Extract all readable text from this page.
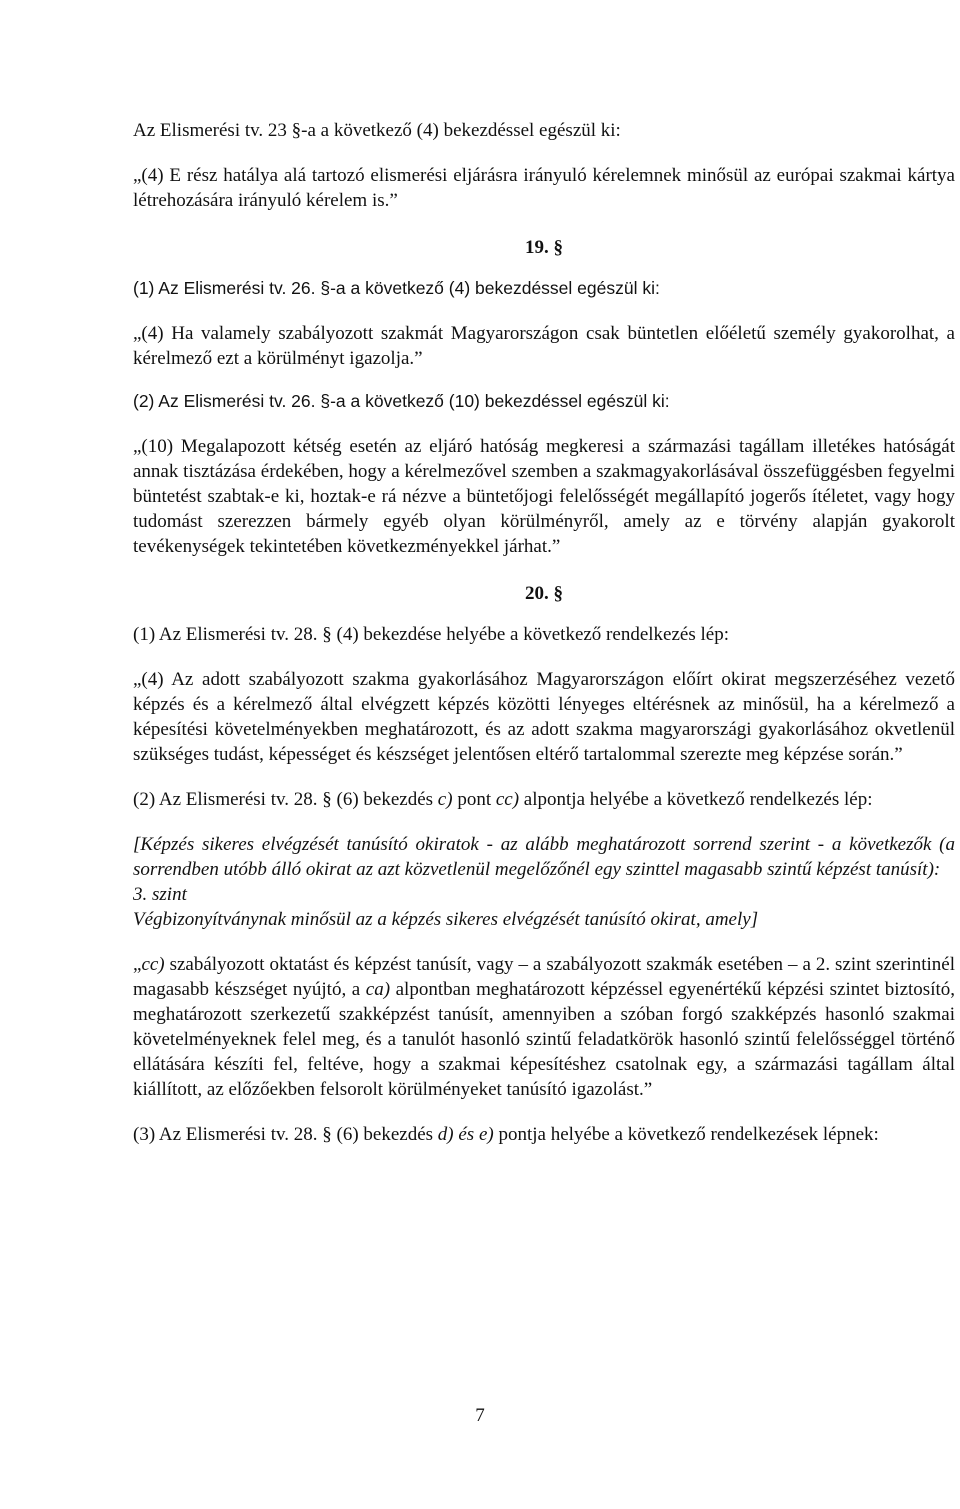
Az Elismerési tv. 23 §-a a következő (4) bekezdéssel egészül ki:

„(4) E rész hatálya alá tartozó elismerési eljárásra irányuló kérelemnek minősül az európai szakmai kártya létrehozására irányuló kérelem is.”

19. §

(1) Az Elismerési tv. 26. §-a a következő (4) bekezdéssel egészül ki:

„(4) Ha valamely szabályozott szakmát Magyarországon csak büntetlen előéletű személy gyakorolhat, a kérelmező ezt a körülményt igazolja.”

(2) Az Elismerési tv. 26. §-a a következő (10) bekezdéssel egészül ki:

„(10) Megalapozott kétség esetén az eljáró hatóság megkeresi a származási tagállam illetékes hatóságát annak tisztázása érdekében, hogy a kérelmezővel szemben a szakmagyakorlásával összefüggésben fegyelmi büntetést szabtak-e ki, hoztak-e rá nézve a büntetőjogi felelősségét megállapító jogerős ítéletet, vagy hogy tudomást szerezzen bármely egyéb olyan körülményről, amely az e törvény alapján gyakorolt tevékenységek tekintetében következményekkel járhat.”

20. §

(1) Az Elismerési tv. 28. § (4) bekezdése helyébe a következő rendelkezés lép:

„(4) Az adott szabályozott szakma gyakorlásához Magyarországon előírt okirat megszerzéséhez vezető képzés és a kérelmező által elvégzett képzés közötti lényeges eltérésnek az minősül, ha a kérelmező a képesítési követelményekben meghatározott, és az adott szakma magyarországi gyakorlásához okvetlenül szükséges tudást, képességet és készséget jelentősen eltérő tartalommal szerezte meg képzése során.”

(2) Az Elismerési tv. 28. § (6) bekezdés c) pont cc) alpontja helyébe a következő rendelkezés lép:

[Képzés sikeres elvégzését tanúsító okiratok - az alább meghatározott sorrend szerint - a következők (a sorrendben utóbb álló okirat az azt közvetlenül megelőzőnél egy szinttel magasabb szintű képzést tanúsít):

3. szint

Végbizonyítványnak minősül az a képzés sikeres elvégzését tanúsító okirat, amely]

„cc) szabályozott oktatást és képzést tanúsít, vagy – a szabályozott szakmák esetében – a 2. szint szerintinél magasabb készséget nyújtó, a ca) alpontban meghatározott képzéssel egyenértékű képzési szintet biztosító, meghatározott szerkezetű szakképzést tanúsít, amennyiben a szóban forgó szakképzés hasonló szakmai követelményeknek felel meg, és a tanulót hasonló szintű feladatkörök hasonló szintű felelősséggel történő ellátására készíti fel, feltéve, hogy a szakmai képesítéshez csatolnak egy, a származási tagállam által kiállított, az előzőekben felsorolt körülményeket tanúsító igazolást.”

(3) Az Elismerési tv. 28. § (6) bekezdés d) és e) pontja helyébe a következő rendelkezések lépnek:

7
